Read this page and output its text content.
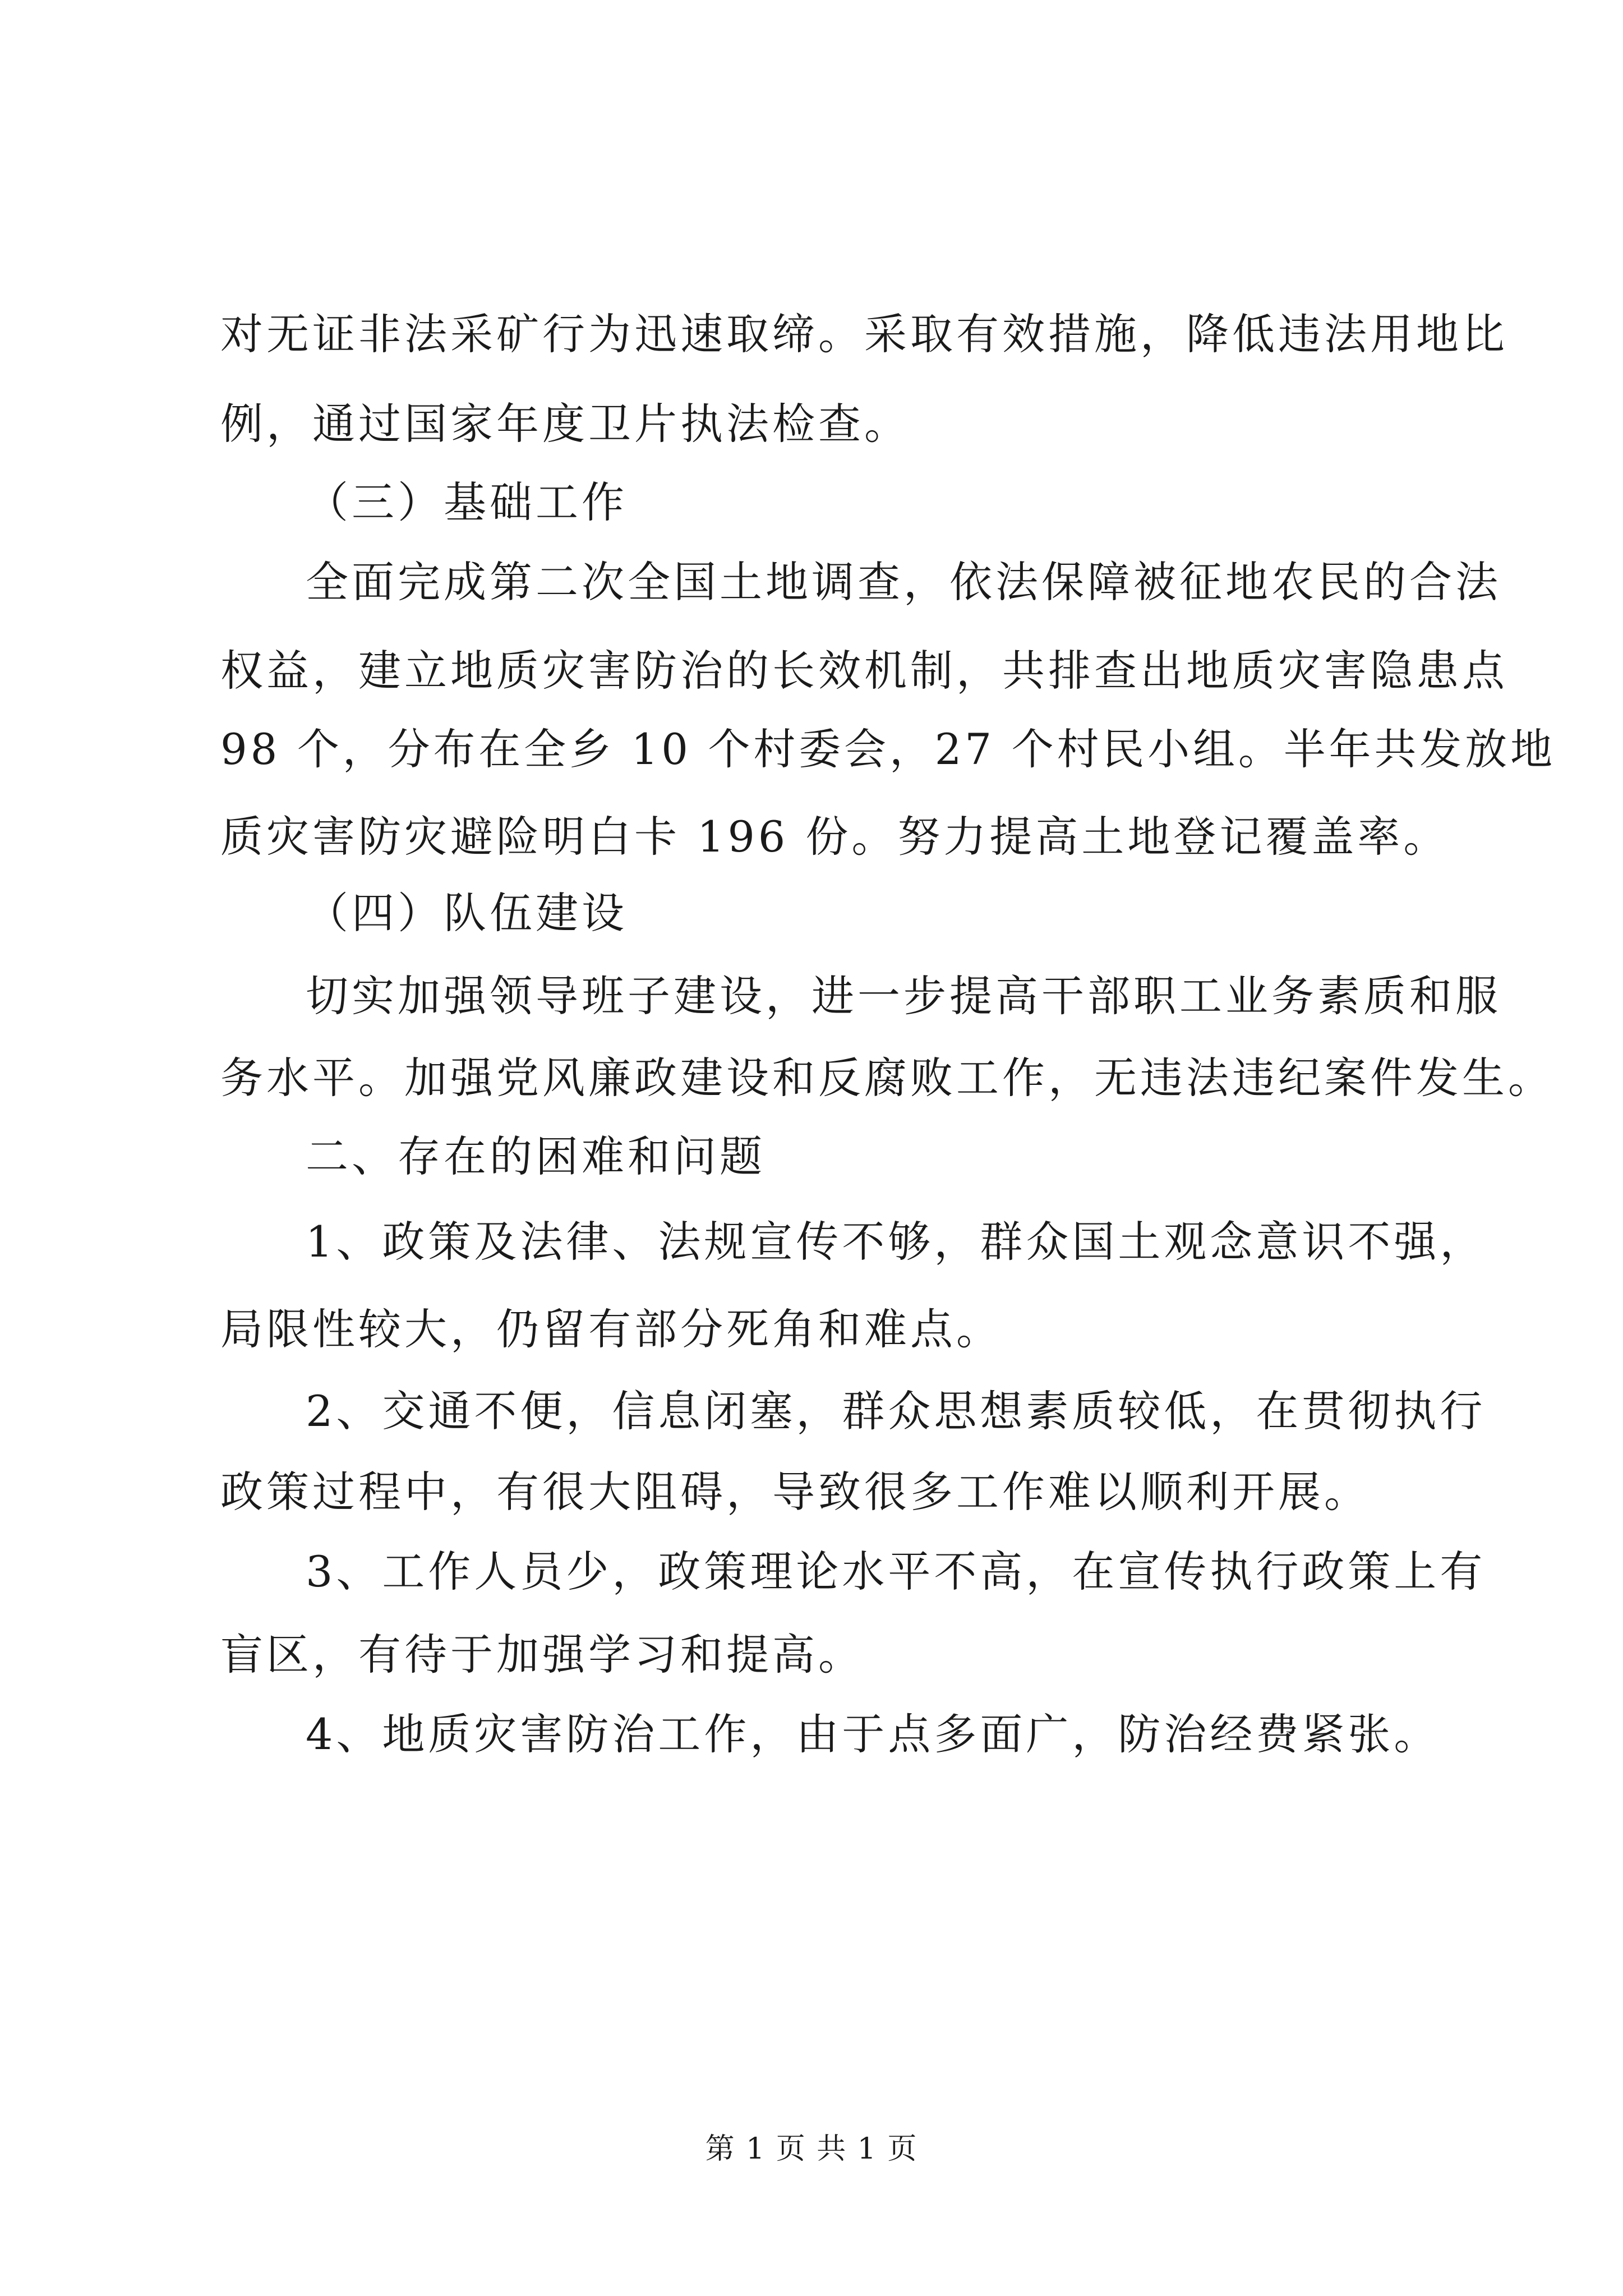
对无证非法采矿行为迅速取缔。采取有效措施，降低违法用地比
例，通过国家年度卫片执法检查。
（三）基础工作
全面完成第二次全国土地调查，依法保障被征地农民的合法
权益，建立地质灾害防治的长效机制，共排查出地质灾害隐患点
98 个，分布在全乡 10 个村委会，27 个村民小组。半年共发放地
质灾害防灾避险明白卡 196 份。努力提高土地登记覆盖率。
（四）队伍建设
切实加强领导班子建设，进一步提高干部职工业务素质和服
务水平。加强党风廉政建设和反腐败工作，无违法违纪案件发生。
二、存在的困难和问题
1、政策及法律、法规宣传不够，群众国土观念意识不强，
局限性较大，仍留有部分死角和难点。
2、交通不便，信息闭塞，群众思想素质较低，在贯彻执行
政策过程中，有很大阻碍，导致很多工作难以顺利开展。
3、工作人员少，政策理论水平不高，在宣传执行政策上有
盲区，有待于加强学习和提高。
4、地质灾害防治工作，由于点多面广，防治经费紧张。
第 1 页 共 1 页
